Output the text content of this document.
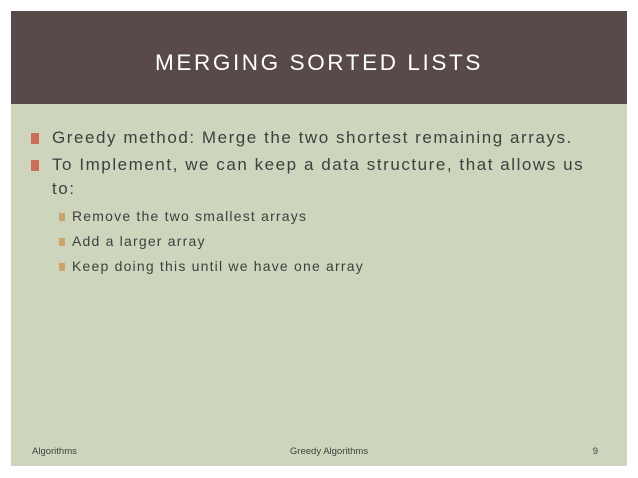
MERGING SORTED LISTS
Greedy method: Merge the two shortest remaining arrays.
To Implement, we can keep a data structure, that allows us to:
Remove the two smallest arrays
Add a larger array
Keep doing this until we have one array
Algorithms	Greedy Algorithms	9
